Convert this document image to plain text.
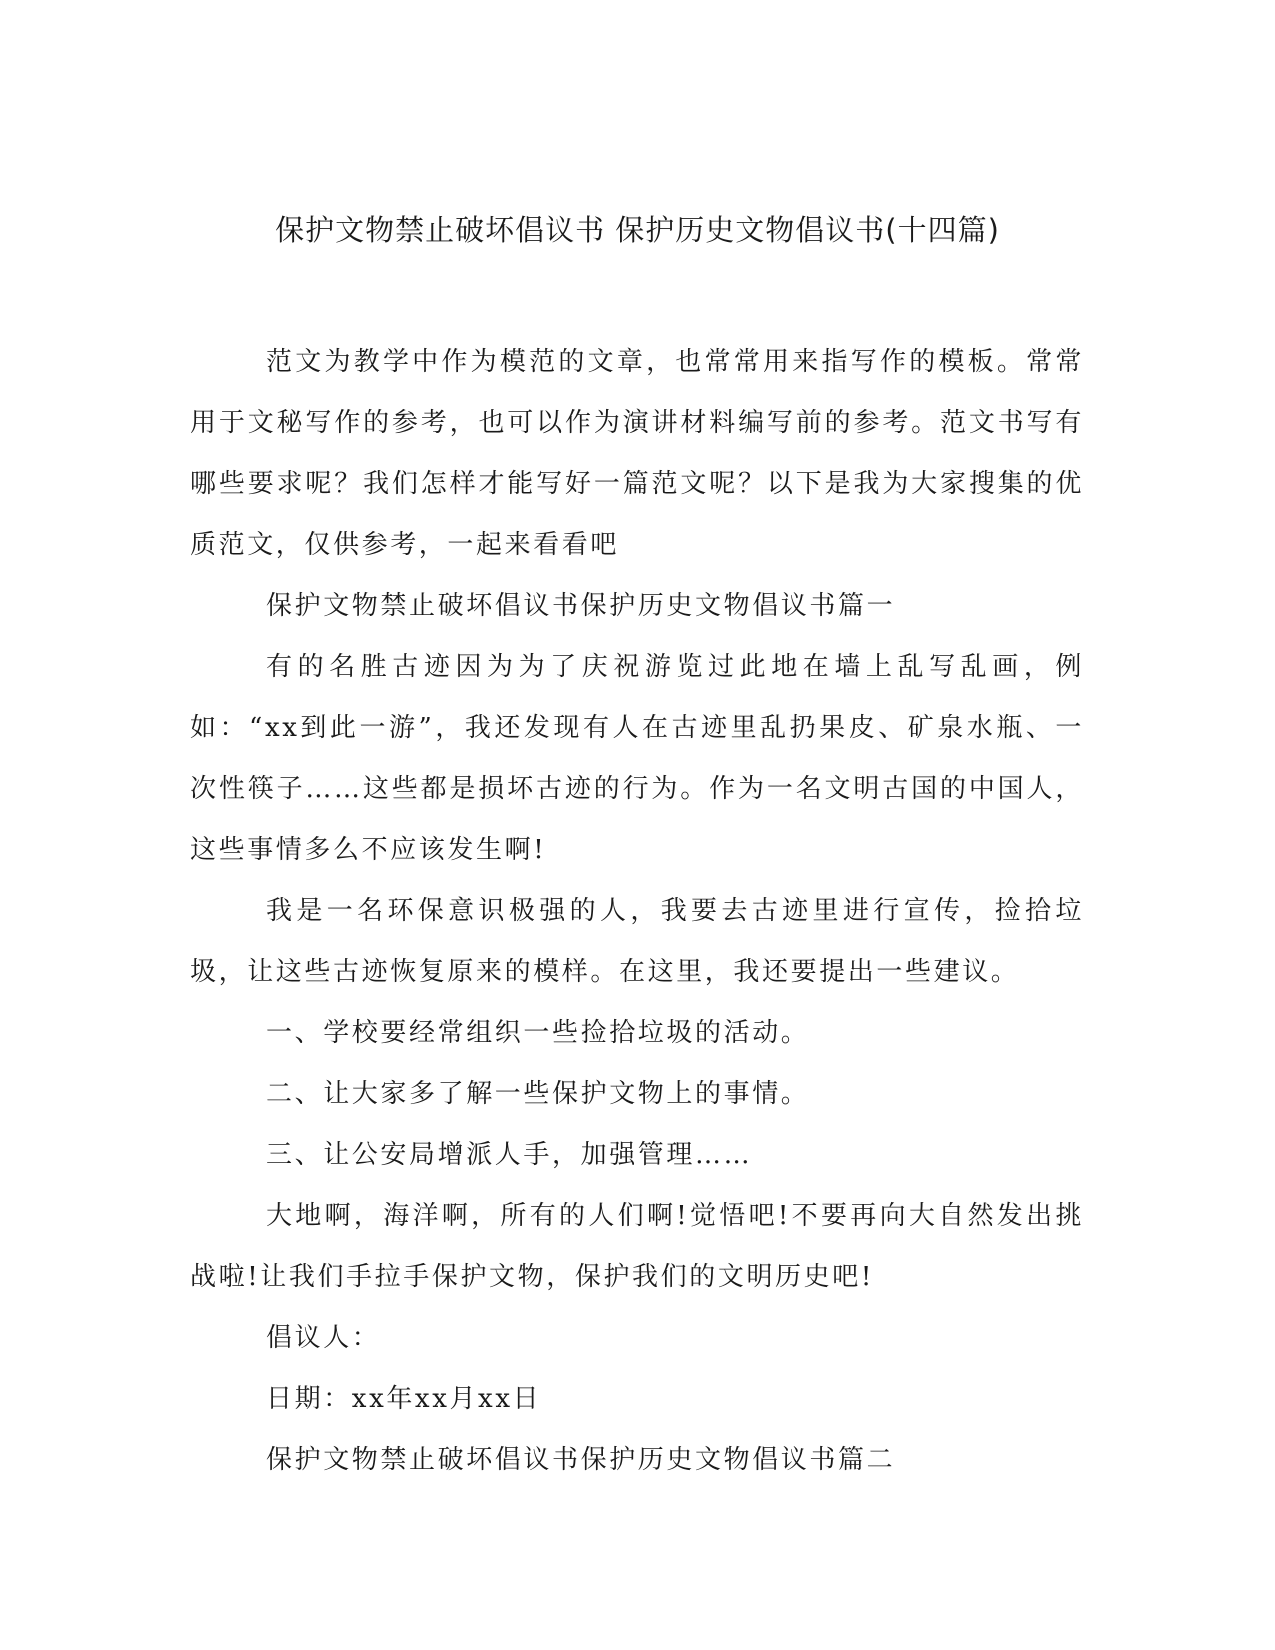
保护文物禁止破坏倡议书 保护历史文物倡议书(十四篇)

范文为教学中作为模范的文章，也常常用来指写作的模板。常常用于文秘写作的参考，也可以作为演讲材料编写前的参考。范文书写有哪些要求呢？我们怎样才能写好一篇范文呢？以下是我为大家搜集的优质范文，仅供参考，一起来看看吧

保护文物禁止破坏倡议书保护历史文物倡议书篇一

有的名胜古迹因为为了庆祝游览过此地在墙上乱写乱画，例如：“xx到此一游”，我还发现有人在古迹里乱扔果皮、矿泉水瓶、一次性筷子……这些都是损坏古迹的行为。作为一名文明古国的中国人，这些事情多么不应该发生啊!

我是一名环保意识极强的人，我要去古迹里进行宣传，捡拾垃圾，让这些古迹恢复原来的模样。在这里，我还要提出一些建议。

一、学校要经常组织一些捡拾垃圾的活动。

二、让大家多了解一些保护文物上的事情。

三、让公安局增派人手，加强管理……

大地啊，海洋啊，所有的人们啊!觉悟吧!不要再向大自然发出挑战啦!让我们手拉手保护文物，保护我们的文明历史吧!

倡议人：

日期：xx年xx月xx日

保护文物禁止破坏倡议书保护历史文物倡议书篇二
